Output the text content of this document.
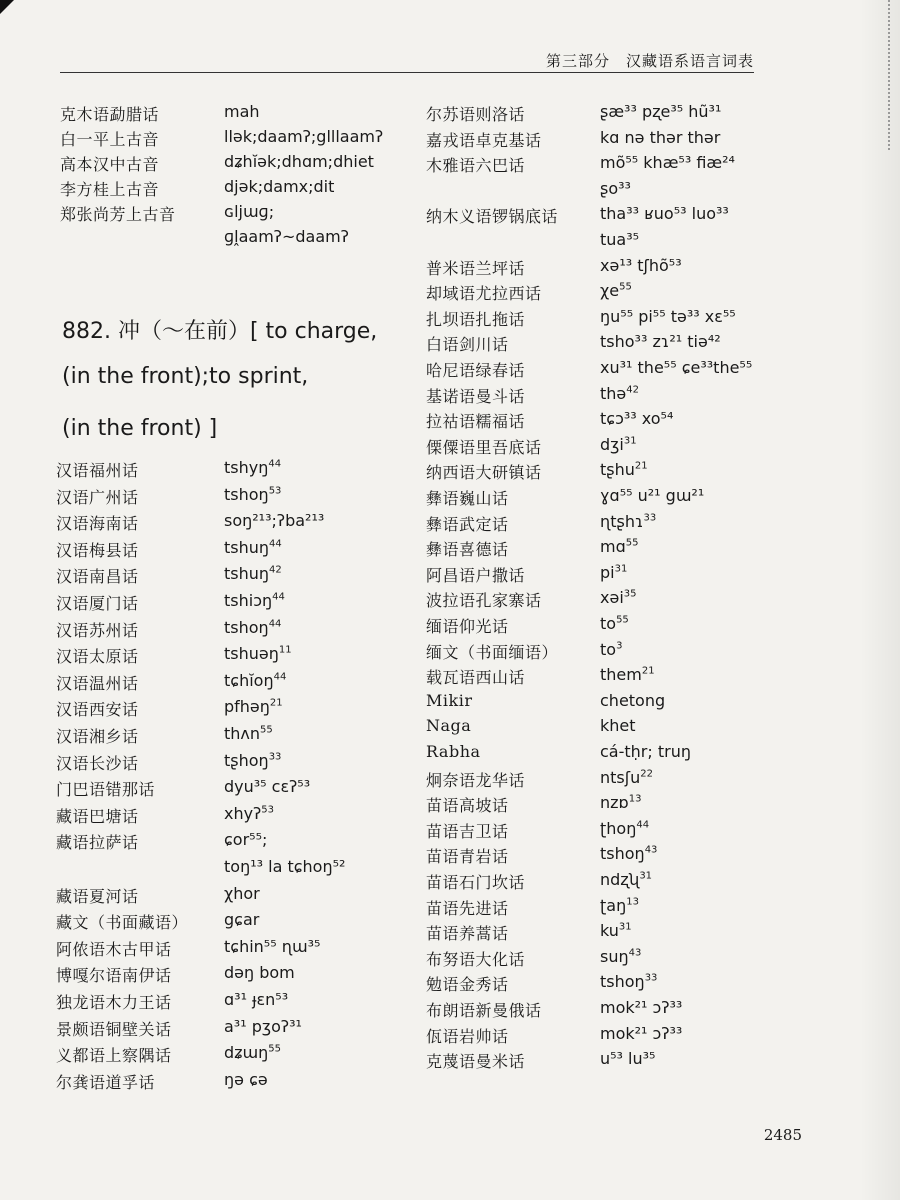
第三部分　汉藏语系语言词表
克木语勐腊话	mah
白一平上古音	llək;daamʔ;glllaamʔ
高本汉中古音	dʑhĭək;dhɑm;dhiet
李方桂上古音	djək;damx;dit
郑张尚芳上古音	ɢljɯɡ;
ɡḽaamʔ~daamʔ
882. 冲（～在前）[ to charge,
(in the front);to sprint,
(in the front) ]
汉语福州话	tshyŋ$^{44}$
汉语广州话	tshoŋ$^{53}$
汉语海南话	soŋ²¹³;ʔba²¹³
汉语梅县话	tshuŋ$^{44}$
汉语南昌话	tshuŋ$^{42}$
汉语厦门话	tshiɔŋ$^{44}$
汉语苏州话	tshoŋ$^{44}$
汉语太原话	tshuəŋ$^{11}$
汉语温州话	tɕhĭoŋ$^{44}$
汉语西安话	pfhəŋ$^{21}$
汉语湘乡话	thʌn$^{55}$
汉语长沙话	tʂhoŋ$^{33}$
门巴语错那话	dyu³⁵ cɛʔ⁵³
藏语巴塘话	xhyʔ$^{53}$
藏语拉萨话	ɕor⁵⁵;
toŋ¹³ la tɕhoŋ⁵²
藏语夏河话	χhor
藏文（书面藏语） gɕar
阿侬语木古甲话	tɕhin⁵⁵ ɳɯ³⁵
博嘎尔语南伊话	dəŋ bom
独龙语木力王话	ɑ³¹ ɟɛn⁵³
景颇语铜壁关话	a³¹ pʒoʔ³¹
义都语上察隅话	dʑɯŋ$^{55}$
尔龚语道孚话	ŋə ɕə
尔苏语则洛话	ʂæ³³ pʐe³⁵ hũ³¹
嘉戎语卓克基话	kɑ nə thər thər
木雅语六巴话	mõ⁵⁵ khæ⁵³ fiæ²⁴
ʂo³³
纳木义语锣锅底话	tha³³ ʁuo⁵³ luo³³
tua³⁵
普米语兰坪话	xə¹³ tʃhõ⁵³
却域语尤拉西话	$\chi e^{55}$
扎坝语扎拖话	ŋu⁵⁵ pi⁵⁵ tə³³ xɛ⁵⁵
白语剑川话	tsho³³ zɿ²¹ tiə⁴²
哈尼语绿春话	xu³¹ the⁵⁵ ɕe³³the⁵⁵
基诺语曼斗话	thə$^{42}$
拉祜语糯福话	tɕɔ³³ xo⁵⁴
傈僳语里吾底话	dʒi$^{31}$
纳西语大研镇话	tʂhu$^{21}$
彝语巍山话	ɣɑ⁵⁵ u²¹ gɯ²¹
彝语武定话	ɳtʂhɿ$^{33}$
彝语喜德话	mɑ$^{55}$
阿昌语户撒话	$pi^{31}$
波拉语孔家寨话	xəi$^{35}$
缅语仰光话	$to^{55}$
缅文（书面缅语）	$to^3$
载瓦语西山话	them$^{21}$
Mikir	chetong
Naga	khet
Rabha	cá-tḥr; truŋ
炯奈语龙华话	ntsʃu$^{22}$
苗语高坡话	nzɒ$^{13}$
苗语吉卫话	ʈhoŋ$^{44}$
苗语青岩话	tshoŋ$^{43}$
苗语石门坎话	ndʐʯ$^{31}$
苗语先进话	ʈaŋ$^{13}$
苗语养蒿话	$ku^{31}$
布努语大化话	suŋ$^{43}$
勉语金秀话	tshoŋ$^{33}$
布朗语新曼俄话	mok²¹ ɔʔ³³
佤语岩帅话	mok²¹ ɔʔ³³
克蔑语曼米话	u⁵³ lu³⁵
2485
